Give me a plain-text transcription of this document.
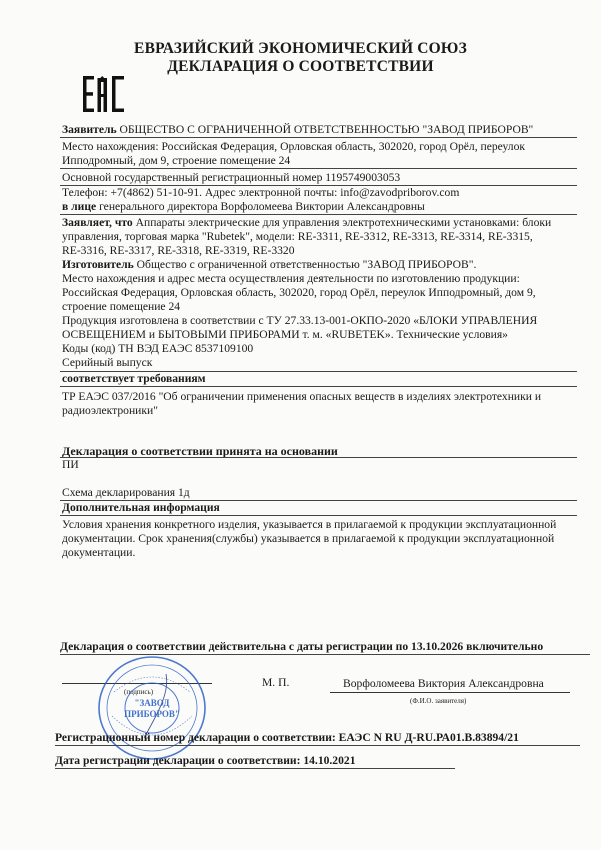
ЕВРАЗИЙСКИЙ ЭКОНОМИЧЕСКИЙ СОЮЗ
ДЕКЛАРАЦИЯ О СООТВЕТСТВИИ
Заявитель ОБЩЕСТВО С ОГРАНИЧЕННОЙ ОТВЕТСТВЕННОСТЬЮ "ЗАВОД ПРИБОРОВ"
Место нахождения: Российская Федерация, Орловская область, 302020, город Орёл, переулок
Ипподромный, дом 9, строение помещение 24
Основной государственный регистрационный номер 1195749003053
Телефон: +7(4862) 51-10-91. Адрес электронной почты: info@zavodpriborov.com
в лице генерального директора Ворфоломеева Виктории Александровны
Заявляет, что Аппараты электрические для управления электротехническими установками: блоки
управления, торговая марка "Rubetek", модели: RE-3311, RE-3312, RE-3313, RE-3314, RE-3315,
RE-3316, RE-3317, RE-3318, RE-3319, RE-3320
Изготовитель Общество с ограниченной ответственностью "ЗАВОД ПРИБОРОВ".
Место нахождения и адрес места осуществления деятельности по изготовлению продукции:
Российская Федерация, Орловская область, 302020, город Орёл, переулок Ипподромный, дом 9,
строение помещение 24
Продукция изготовлена в соответствии с ТУ 27.33.13-001-ОКПО-2020 «БЛОКИ УПРАВЛЕНИЯ
ОСВЕЩЕНИЕМ и БЫТОВЫМИ ПРИБОРАМИ т. м. «RUBETEK». Технические условия»
Коды (код) ТН ВЭД ЕАЭС 8537109100
Серийный выпуск
соответствует требованиям
ТР ЕАЭС 037/2016 "Об ограничении применения опасных веществ в изделиях электротехники и
радиоэлектроники"
Декларация о соответствии принята на основании
ПИ
Схема декларирования 1д
Дополнительная информация
Условия хранения конкретного изделия, указывается в прилагаемой к продукции эксплуатационной
документации. Срок хранения(службы) указывается в прилагаемой к продукции эксплуатационной
документации.
Декларация о соответствии действительна с даты регистрации по 13.10.2026 включительно
(подпись)
М. П.	Ворфоломеева Виктория Александровна
(Ф.И.О. заявителя)
"ЗАВОД
ПРИБОРОВ"
Регистрационный номер декларации о соответствии: ЕАЭС N RU Д-RU.РА01.В.83894/21
Дата регистрации декларации о соответствии: 14.10.2021
